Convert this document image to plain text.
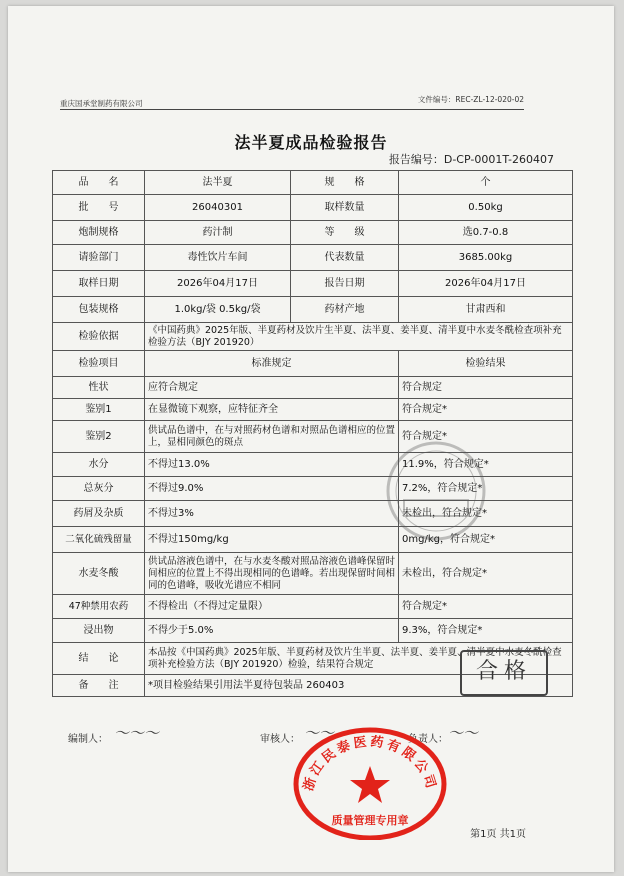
重庆国承堂制药有限公司	文件编号：REC-ZL-12-020-02
法半夏成品检验报告
报告编号：D-CP-0001T-260407
品　　名	法半夏	规　　格	个
批　　号	26040301	取样数量	0.50kg
炮制规格	药汁制	等　　级	选0.7-0.8
请验部门	毒性饮片车间	代表数量	3685.00kg
取样日期	2026年04月17日	报告日期	2026年04月17日
包装规格	1.0kg/袋 0.5kg/袋	药材产地	甘肃西和
检验依据	《中国药典》2025年版、半夏药材及饮片生半夏、法半夏、姜半夏、清半夏中水麦冬酰检查项补充检验方法（BJY 201920）		
检验项目	标准规定		检验结果
性状	应符合规定		符合规定
鉴别1	在显微镜下观察，应特征齐全		符合规定*
鉴别2	供试品色谱中，在与对照药材色谱和对照品色谱相应的位置上，显相同颜色的斑点		符合规定*
水分	不得过13.0%		11.9%，符合规定*
总灰分	不得过9.0%		7.2%，符合规定*
药屑及杂质	不得过3%		未检出，符合规定*
二氧化硫残留量	不得过150mg/kg		0mg/kg，符合规定*
水麦冬酸	供试品溶液色谱中，在与水麦冬酸对照品溶液色谱峰保留时间相应的位置上不得出现相同的色谱峰。若出现保留时间相同的色谱峰，吸收光谱应不相同		未检出，符合规定*
47种禁用农药	不得检出（不得过定量限）		符合规定*
浸出物	不得少于5.0%		9.3%，符合规定*
结　　论	本品按《中国药典》2025年版、半夏药材及饮片生半夏、法半夏、姜半夏、清半夏中水麦冬酰检查项补充检验方法（BJY 201920）检验，结果符合规定		
备　　注	*项目检验结果引用法半夏待包装品 260403		
编制人： 〜〜〜	审核人： 〜〜	负责人： 〜〜
合格
浙江民泰医药有限公司
质量管理专用章
第1页 共1页
